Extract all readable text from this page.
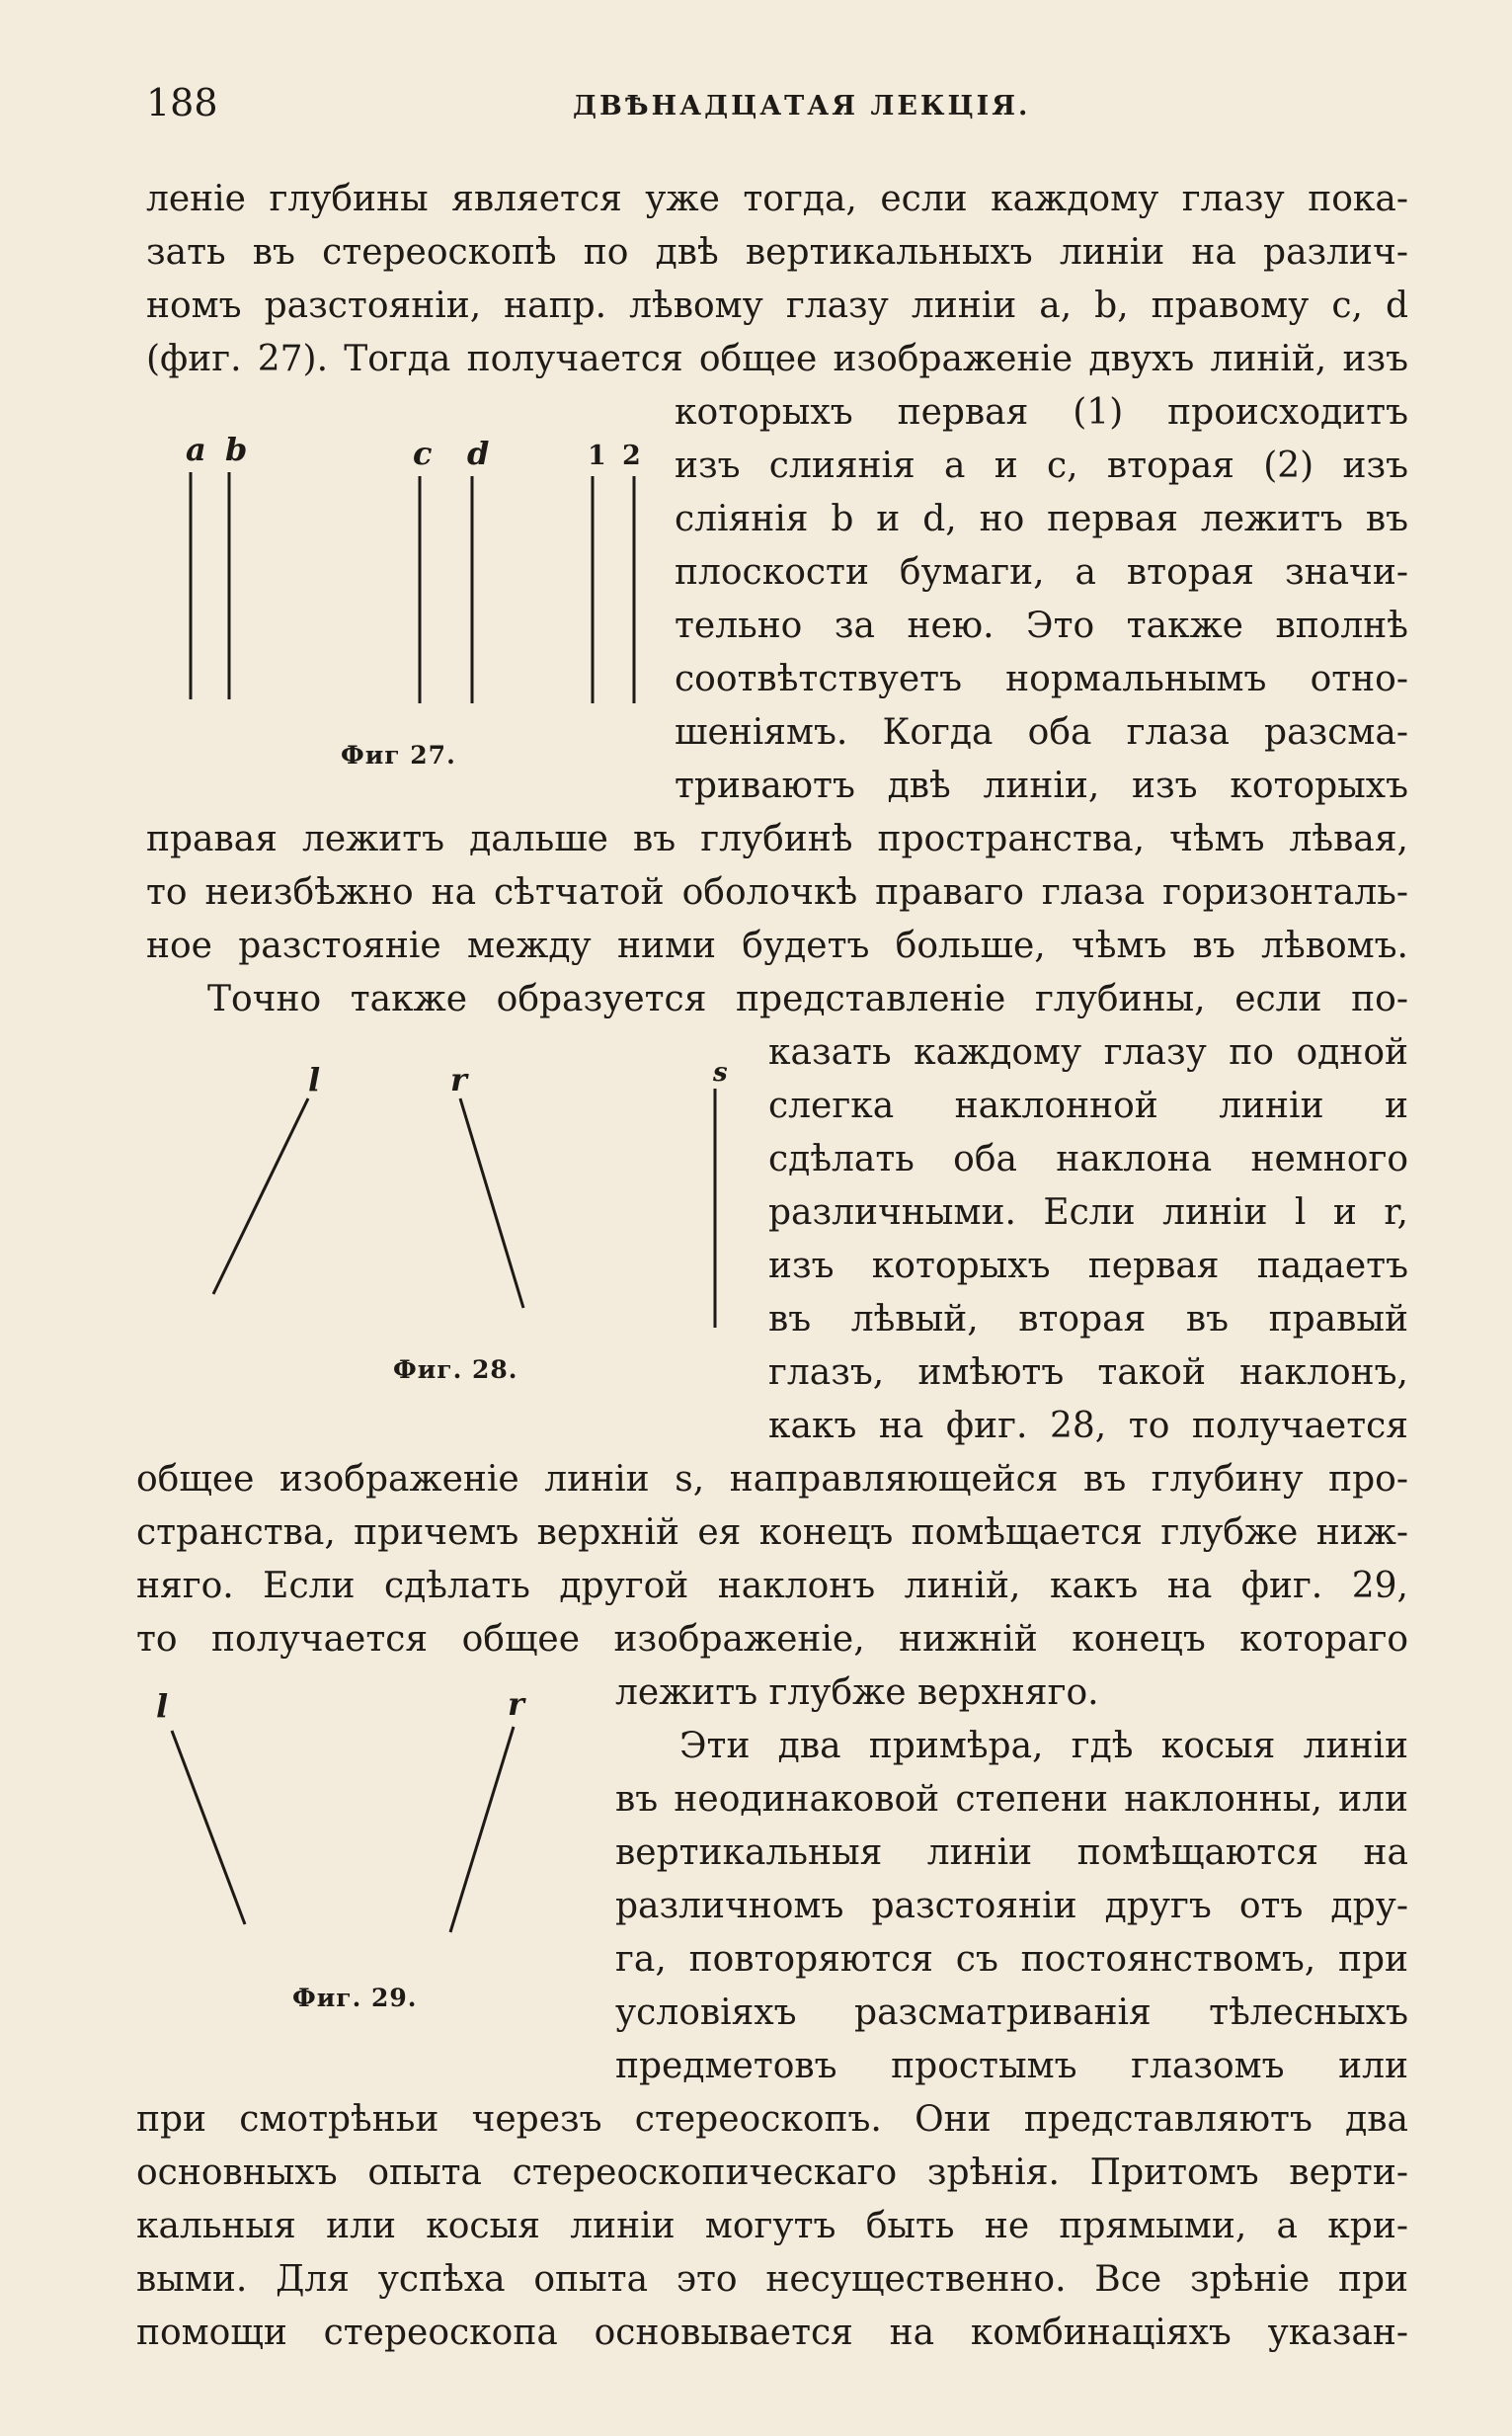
188	ДВѢНАДЦАТАЯ ЛЕКЦІЯ.
леніе глубины является уже тогда, если каждому глазу пока-
зать въ стереоскопѣ по двѣ вертикальныхъ линіи на различ-
номъ разстояніи, напр. лѣвому глазу линіи a, b, правому c, d
(фиг. 27). Тогда получается общее изображеніе двухъ линій, изъ
которыхъ первая (1) происходитъ
изъ слиянія a и c, вторая (2) изъ
сліянія b и d, но первая лежитъ въ
плоскости бумаги, а вторая значи-
тельно за нею. Это также вполнѣ
соотвѣтствуетъ нормальнымъ отно-
шеніямъ. Когда оба глаза разсма-
триваютъ двѣ линіи, изъ которыхъ
правая лежитъ дальше въ глубинѣ пространства, чѣмъ лѣвая,
то неизбѣжно на сѣтчатой оболочкѣ праваго глаза горизонталь-
ное разстояніе между ними будетъ больше, чѣмъ въ лѣвомъ.
Точно также образуется представленіе глубины, если по-
казать каждому глазу по одной
слегка наклонной линіи и
сдѣлать оба наклона немного
различными. Если линіи l и r,
изъ которыхъ первая падаетъ
въ лѣвый, вторая въ правый
глазъ, имѣютъ такой наклонъ,
какъ на фиг. 28, то получается
общее изображеніе линіи s, направляющейся въ глубину про-
странства, причемъ верхній ея конецъ помѣщается глубже ниж-
няго. Если сдѣлать другой наклонъ линій, какъ на фиг. 29,
то получается общее изображеніе, нижній конецъ котораго
лежитъ глубже верхняго.
Эти два примѣра, гдѣ косыя линіи
въ неодинаковой степени наклонны, или
вертикальныя линіи помѣщаются на
различномъ разстояніи другъ отъ дру-
га, повторяются съ постоянствомъ, при
условіяхъ разсматриванія тѣлесныхъ
предметовъ простымъ глазомъ или
при смотрѣньи черезъ стереоскопъ. Они представляютъ два
основныхъ опыта стереоскопическаго зрѣнія. Притомъ верти-
кальныя или косыя линіи могутъ быть не прямыми, а кри-
выми. Для успѣха опыта это несущественно. Все зрѣніе при
помощи стереоскопа основывается на комбинаціяхъ указан-
a b	c d	1 2
Фиг 27.
l	r	s
Фиг. 28.
l	r
Фиг. 29.
